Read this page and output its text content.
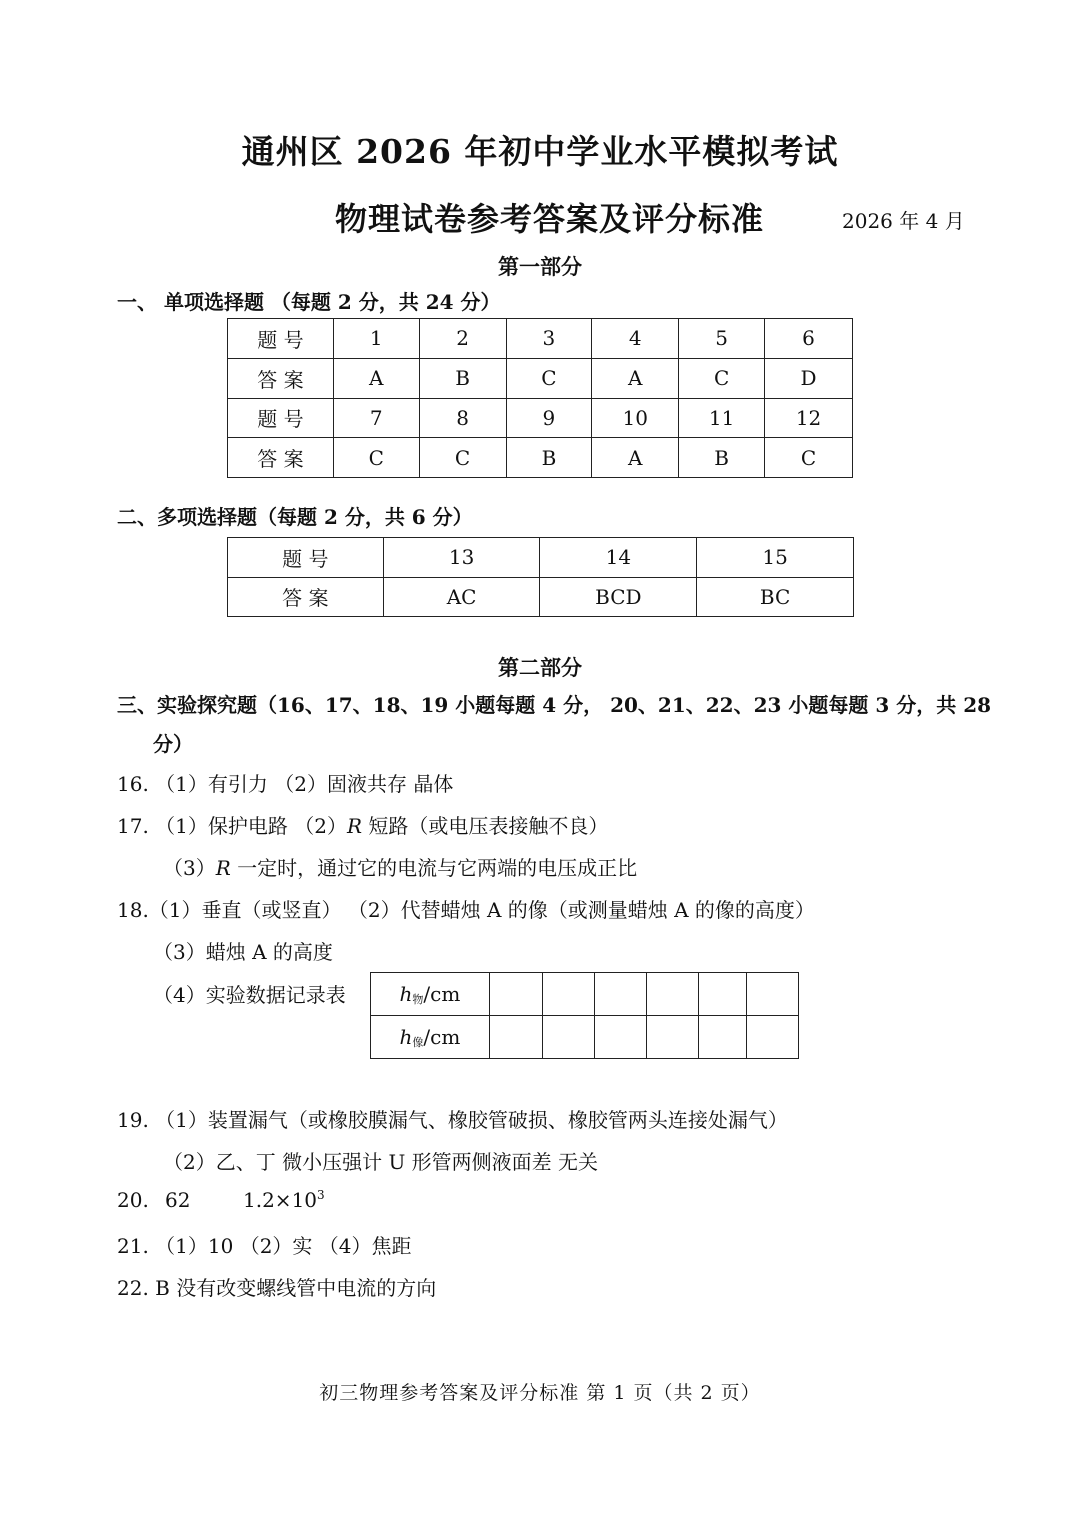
通州区 2026 年初中学业水平模拟考试
物理试卷参考答案及评分标准	2026 年 4 月
第一部分
一、 单项选择题 （每题 2 分，共 24 分）
题 号	1	2	3	4	5	6
答 案	A	B	C	A	C	D
题 号	7	8	9	10	11	12
答 案	C	C	B	A	B	C
二、多项选择题（每题 2 分，共 6 分）
题 号	13	14	15
答 案	AC	BCD	BC
第二部分
三、实验探究题（16、17、18、19 小题每题 4 分， 20、21、22、23 小题每题 3 分，共 28
分）
16. （1）有引力 （2）固液共存 晶体
17. （1）保护电路 （2）R 短路（或电压表接触不良）
（3）R 一定时，通过它的电流与它两端的电压成正比
18.（1）垂直（或竖直） （2）代替蜡烛 A 的像（或测量蜡烛 A 的像的高度）
（3）蜡烛 A 的高度
（4）实验数据记录表	$h_物/cm$						
$h_像/cm$						
19. （1）装置漏气（或橡胶膜漏气、橡胶管破损、橡胶管两头连接处漏气）
（2）乙、丁 微小压强计 U 形管两侧液面差 无关
20. 62	$1.2\times 10^3$
21. （1）10 （2）实 （4）焦距
22. B 没有改变螺线管中电流的方向
初三物理参考答案及评分标准 第 1 页（共 2 页）
